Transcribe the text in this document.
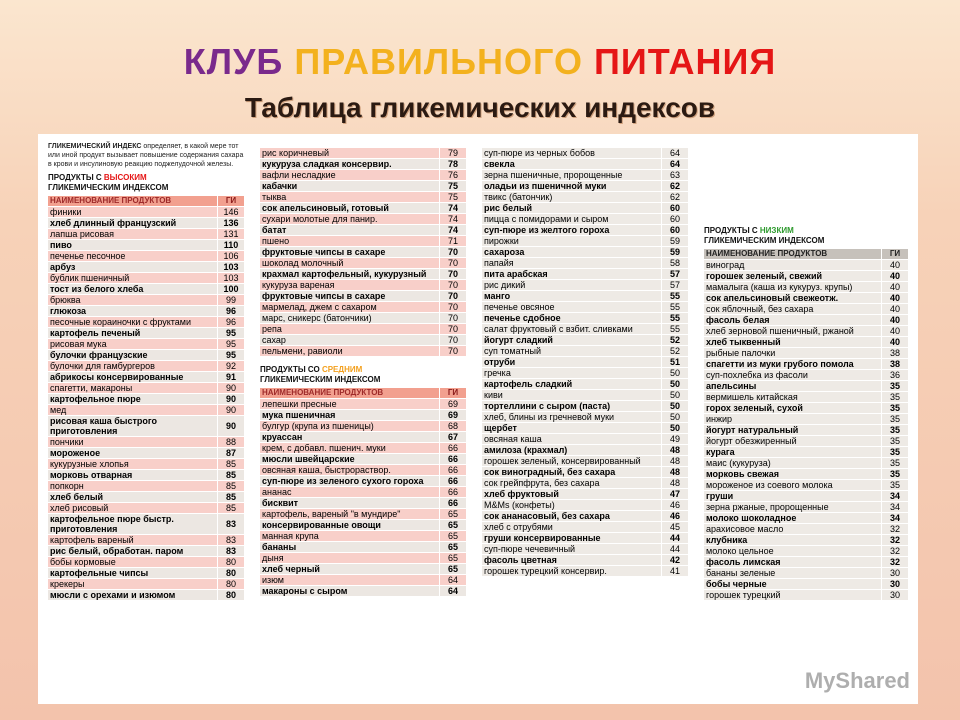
КЛУБ ПРАВИЛЬНОГО ПИТАНИЯ
Таблица гликемических индексов
ГЛИКЕМИЧЕСКИЙ ИНДЕКС определяет, в какой мере тот или иной продукт вызывает повышение содержания сахара в крови и инсулиновую реакцию поджелудочной железы.
ПРОДУКТЫ С ВЫСОКИМ
ГЛИКЕМИЧЕСКИМ ИНДЕКСОМ
НАИМЕНОВАНИЕ ПРОДУКТОВ	ГИ
финики	146
хлеб длинный французский	136
лапша рисовая	131
пиво	110
печенье песочное	106
арбуз	103
бублик пшеничный	103
тост из белого хлеба	100
брюква	99
глюкоза	96
песочные кораиночки с фруктами	96
картофель печеный	95
рисовая мука	95
булочки французские	95
булочки для гамбургеров	92
абрикосы консервированные	91
спагетти, макароны	90
картофельное пюре	90
мед	90
рисовая каша быстрого приготовления	90
пончики	88
мороженое	87
кукурузные хлопья	85
морковь отварная	85
попкорн	85
хлеб белый	85
хлеб рисовый	85
картофельное пюре быстр. приготовления	83
картофель вареный	83
рис белый, обработан. паром	83
бобы кормовые	80
картофельные чипсы	80
крекеры	80
мюсли с орехами и изюмом	80
рис коричневый	79
кукуруза сладкая консервир.	78
вафли несладкие	76
кабачки	75
тыква	75
сок апельсиновый, готовый	74
сухари молотые для панир.	74
батат	74
пшено	71
фруктовые чипсы в сахаре	70
шоколад молочный	70
крахмал картофельный, кукурузный	70
кукуруза вареная	70
фруктовые чипсы в сахаре	70
мармелад, джем с сахаром	70
марс, сникерс (батончики)	70
репа	70
сахар	70
пельмени, равиоли	70
ПРОДУКТЫ СО СРЕДНИМ
ГЛИКЕМИЧЕСКИМ ИНДЕКСОМ
НАИМЕНОВАНИЕ ПРОДУКТОВ	ГИ
лепешки пресные	69
мука пшеничная	69
булгур (крупа из пшеницы)	68
круассан	67
крем, с добавл. пшенич. муки	66
мюсли швейцарские	66
овсяная каша, быстрораствор.	66
суп-пюре из зеленого сухого гороха	66
ананас	66
бисквит	66
картофель, вареный "в мундире"	65
консервированные овощи	65
манная крупа	65
бананы	65
дыня	65
хлеб черный	65
изюм	64
макароны с сыром	64
суп-пюре из черных бобов	64
свекла	64
зерна пшеничные, пророщенные	63
оладьи из пшеничной муки	62
твикс (батончик)	62
рис белый	60
пицца с помидорами и сыром	60
суп-пюре из желтого гороха	60
пирожки	59
сахароза	59
папайя	58
пита арабская	57
рис дикий	57
манго	55
печенье овсяное	55
печенье сдобное	55
салат фруктовый с взбит. сливками	55
йогурт сладкий	52
суп томатный	52
отруби	51
гречка	50
картофель сладкий	50
киви	50
тортеллини с сыром (паста)	50
хлеб, блины из гречневой муки	50
щербет	50
овсяная каша	49
амилоза (крахмал)	48
горошек зеленый, консервированный	48
сок виноградный, без сахара	48
сок грейпфрута, без сахара	48
хлеб фруктовый	47
M&Ms (конфеты)	46
сок ананасовый, без сахара	46
хлеб с отрубями	45
груши консервированные	44
суп-пюре чечевичный	44
фасоль цветная	42
горошек турецкий консервир.	41
ПРОДУКТЫ С НИЗКИМ
ГЛИКЕМИЧЕСКИМ ИНДЕКСОМ
НАИМЕНОВАНИЕ ПРОДУКТОВ	ГИ
виноград	40
горошек зеленый, свежий	40
мамалыга (каша из кукуруз. крупы)	40
сок апельсиновый свежеотж.	40
сок яблочный, без сахара	40
фасоль белая	40
хлеб зерновой пшеничный, ржаной	40
хлеб тыквенный	40
рыбные палочки	38
спагетти из муки грубого помола	38
суп-похлебка из фасоли	36
апельсины	35
вермишель китайская	35
горох зеленый, сухой	35
инжир	35
йогурт натуральный	35
йогурт обезжиренный	35
курага	35
маис (кукуруза)	35
морковь свежая	35
мороженое из соевого молока	35
груши	34
зерна ржаные, пророщенные	34
молоко шоколадное	34
арахисовое масло	32
клубника	32
молоко цельное	32
фасоль лимская	32
бананы зеленые	30
бобы черные	30
горошек турецкий	30
MyShared
